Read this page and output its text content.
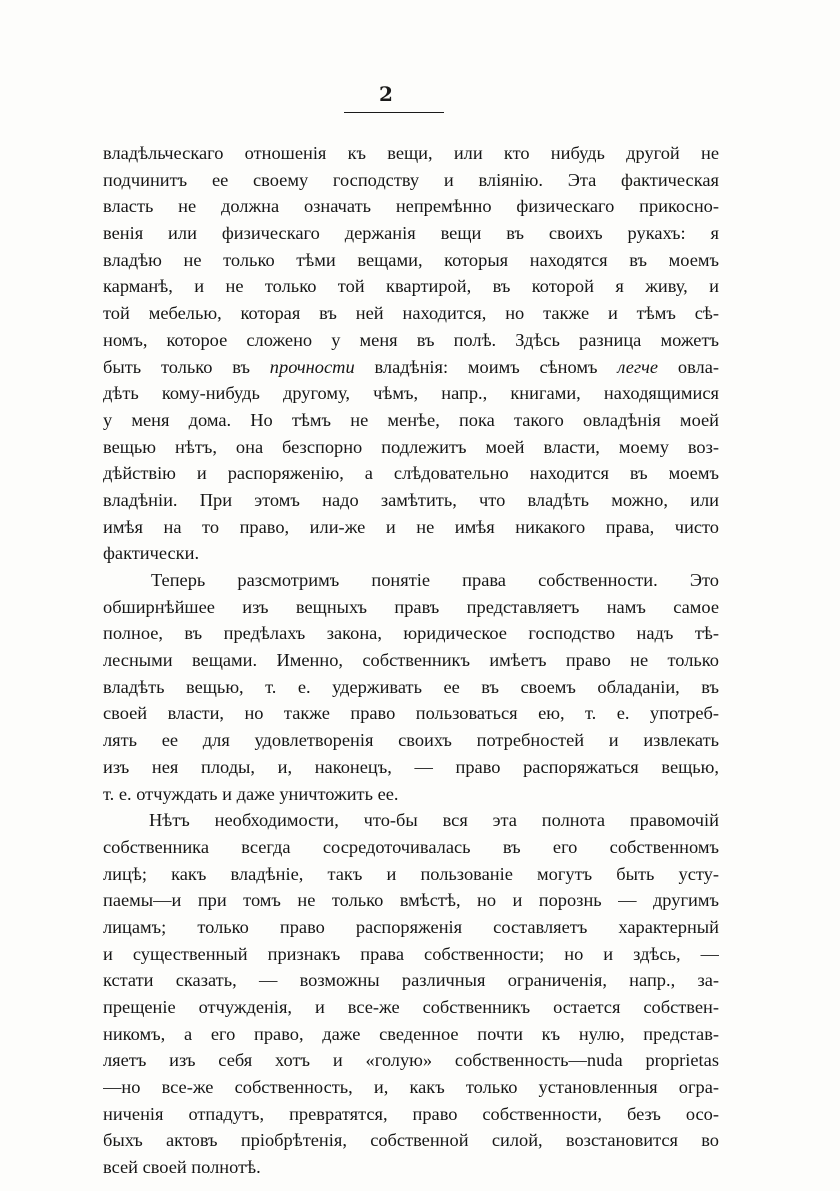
2
владѣльческаго отношенія къ вещи, или кто нибудь другой не
подчинитъ ее своему господству и вліянію. Эта фактическая
власть не должна означать непремѣнно физическаго прикосно-
венія или физическаго держанія вещи въ своихъ рукахъ: я
владѣю не только тѣми вещами, которыя находятся въ моемъ
карманѣ, и не только той квартирой, въ которой я живу, и
той мебелью, которая въ ней находится, но также и тѣмъ сѣ-
номъ, которое сложено у меня въ полѣ. Здѣсь разница можетъ
быть только въ прочности владѣнія: моимъ сѣномъ легче овла-
дѣть кому-нибудь другому, чѣмъ, напр., книгами, находящимися
у меня дома. Но тѣмъ не менѣе, пока такого овладѣнія моей
вещью нѣтъ, она безспорно подлежитъ моей власти, моему воз-
дѣйствію и распоряженію, а слѣдовательно находится въ моемъ
владѣніи. При этомъ надо замѣтить, что владѣть можно, или
имѣя на то право, или-же и не имѣя никакого права, чисто
фактически.
Теперь разсмотримъ понятіе права собственности. Это
обширнѣйшее изъ вещныхъ правъ представляетъ намъ самое
полное, въ предѣлахъ закона, юридическое господство надъ тѣ-
лесными вещами. Именно, собственникъ имѣетъ право не только
владѣть вещью, т. е. удерживать ее въ своемъ обладаніи, въ
своей власти, но также право пользоваться ею, т. е. употреб-
лять ее для удовлетворенія своихъ потребностей и извлекать
изъ нея плоды, и, наконецъ, — право распоряжаться вещью,
т. е. отчуждать и даже уничтожить ее.
Нѣтъ необходимости, что-бы вся эта полнота правомочій
собственника всегда сосредоточивалась въ его собственномъ
лицѣ; какъ владѣніе, такъ и пользованіе могутъ быть усту-
паемы—и при томъ не только вмѣстѣ, но и порознь — другимъ
лицамъ; только право распоряженія составляетъ характерный
и существенный признакъ права собственности; но и здѣсь, —
кстати сказать, — возможны различныя ограниченія, напр., за-
прещеніе отчужденія, и все-же собственникъ остается собствен-
никомъ, а его право, даже сведенное почти къ нулю, представ-
ляетъ изъ себя хотъ и «голую» собственность—nuda proprietas
—но все-же собственность, и, какъ только установленныя огра-
ниченія отпадутъ, превратятся, право собственности, безъ осо-
быхъ актовъ пріобрѣтенія, собственной силой, возстановится во
всей своей полнотѣ.
